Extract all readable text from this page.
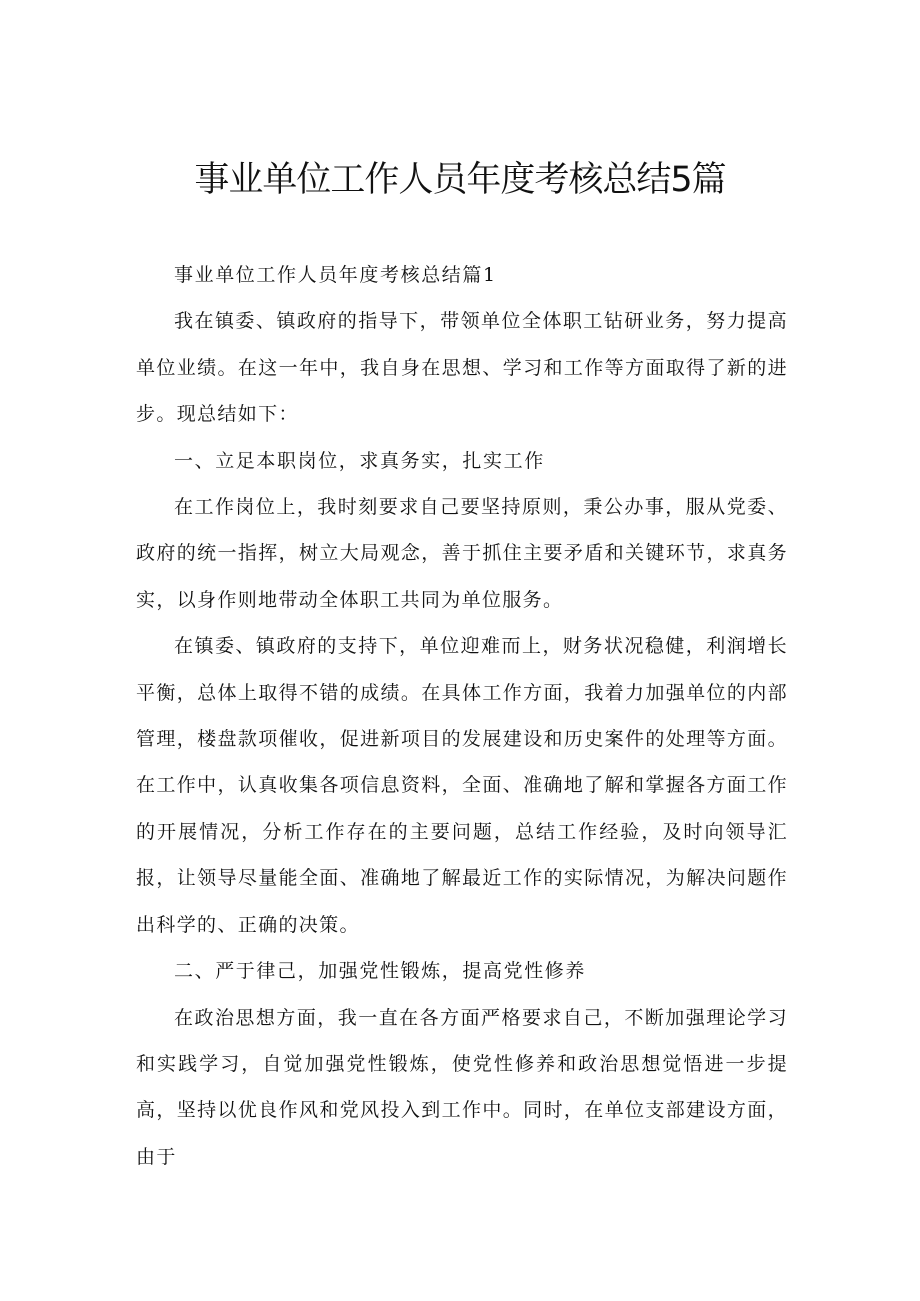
事业单位工作人员年度考核总结5篇

事业单位工作人员年度考核总结篇1

我在镇委、镇政府的指导下，带领单位全体职工钻研业务，努力提高单位业绩。在这一年中，我自身在思想、学习和工作等方面取得了新的进步。现总结如下：

一、立足本职岗位，求真务实，扎实工作

在工作岗位上，我时刻要求自己要坚持原则，秉公办事，服从党委、政府的统一指挥，树立大局观念，善于抓住主要矛盾和关键环节，求真务实，以身作则地带动全体职工共同为单位服务。

在镇委、镇政府的支持下，单位迎难而上，财务状况稳健，利润增长平衡，总体上取得不错的成绩。在具体工作方面，我着力加强单位的内部管理，楼盘款项催收，促进新项目的发展建设和历史案件的处理等方面。在工作中，认真收集各项信息资料，全面、准确地了解和掌握各方面工作的开展情况，分析工作存在的主要问题，总结工作经验，及时向领导汇报，让领导尽量能全面、准确地了解最近工作的实际情况，为解决问题作出科学的、正确的决策。

二、严于律己，加强党性锻炼，提高党性修养

在政治思想方面，我一直在各方面严格要求自己，不断加强理论学习和实践学习，自觉加强党性锻炼，使党性修养和政治思想觉悟进一步提高，坚持以优良作风和党风投入到工作中。同时，在单位支部建设方面，由于
